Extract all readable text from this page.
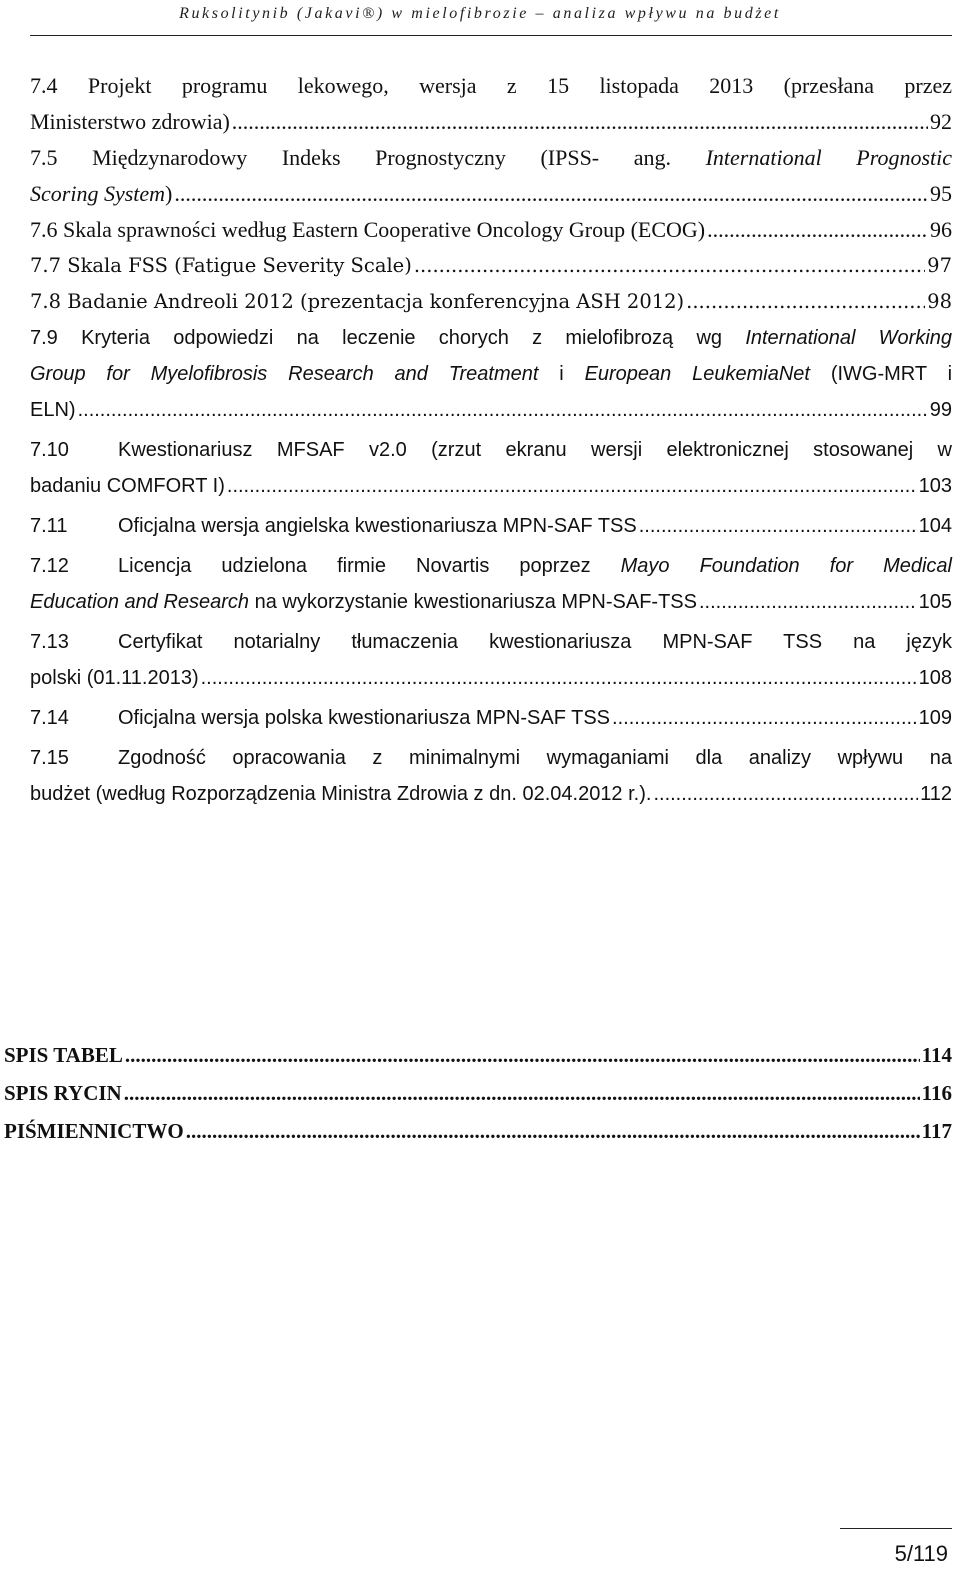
Ruksolitynib (Jakavi®) w mielofibrozie – analiza wpływu na budżet
7.4 Projekt programu lekowego, wersja z 15 listopada 2013 (przesłana przez
Ministerstwo zdrowia) .....	92
7.5 Międzynarodowy Indeks Prognostyczny (IPSS- ang. International Prognostic
Scoring System) .....	95
7.6 Skala sprawności według Eastern Cooperative Oncology Group (ECOG) .....	96
7.7 Skala FSS (Fatigue Severity Scale) .....	97
7.8 Badanie Andreoli 2012 (prezentacja konferencyjna ASH 2012) .....	98
7.9 Kryteria odpowiedzi na leczenie chorych z mielofibrozą wg International Working
Group for Myelofibrosis Research and Treatment i European LeukemiaNet (IWG-MRT i
ELN) .....	99
7.10 Kwestionariusz MFSAF v2.0 (zrzut ekranu wersji elektronicznej stosowanej w
badaniu COMFORT I) .....	103
7.11	Oficjalna wersja angielska kwestionariusza MPN-SAF TSS .....	104
7.12 Licencja udzielona firmie Novartis poprzez Mayo Foundation for Medical
Education and Research na wykorzystanie kwestionariusza MPN-SAF-TSS .....	105
7.13 Certyfikat notarialny tłumaczenia kwestionariusza MPN-SAF TSS na język
polski (01.11.2013) .....	108
7.14 Oficjalna wersja polska kwestionariusza MPN-SAF TSS .....	109
7.15 Zgodność opracowania z minimalnymi wymaganiami dla analizy wpływu na
budżet (według Rozporządzenia Ministra Zdrowia z dn. 02.04.2012 r.). .....	112
SPIS TABEL .....	114
SPIS RYCIN .....	116
PIŚMIENNICTWO .....	117
5/119
